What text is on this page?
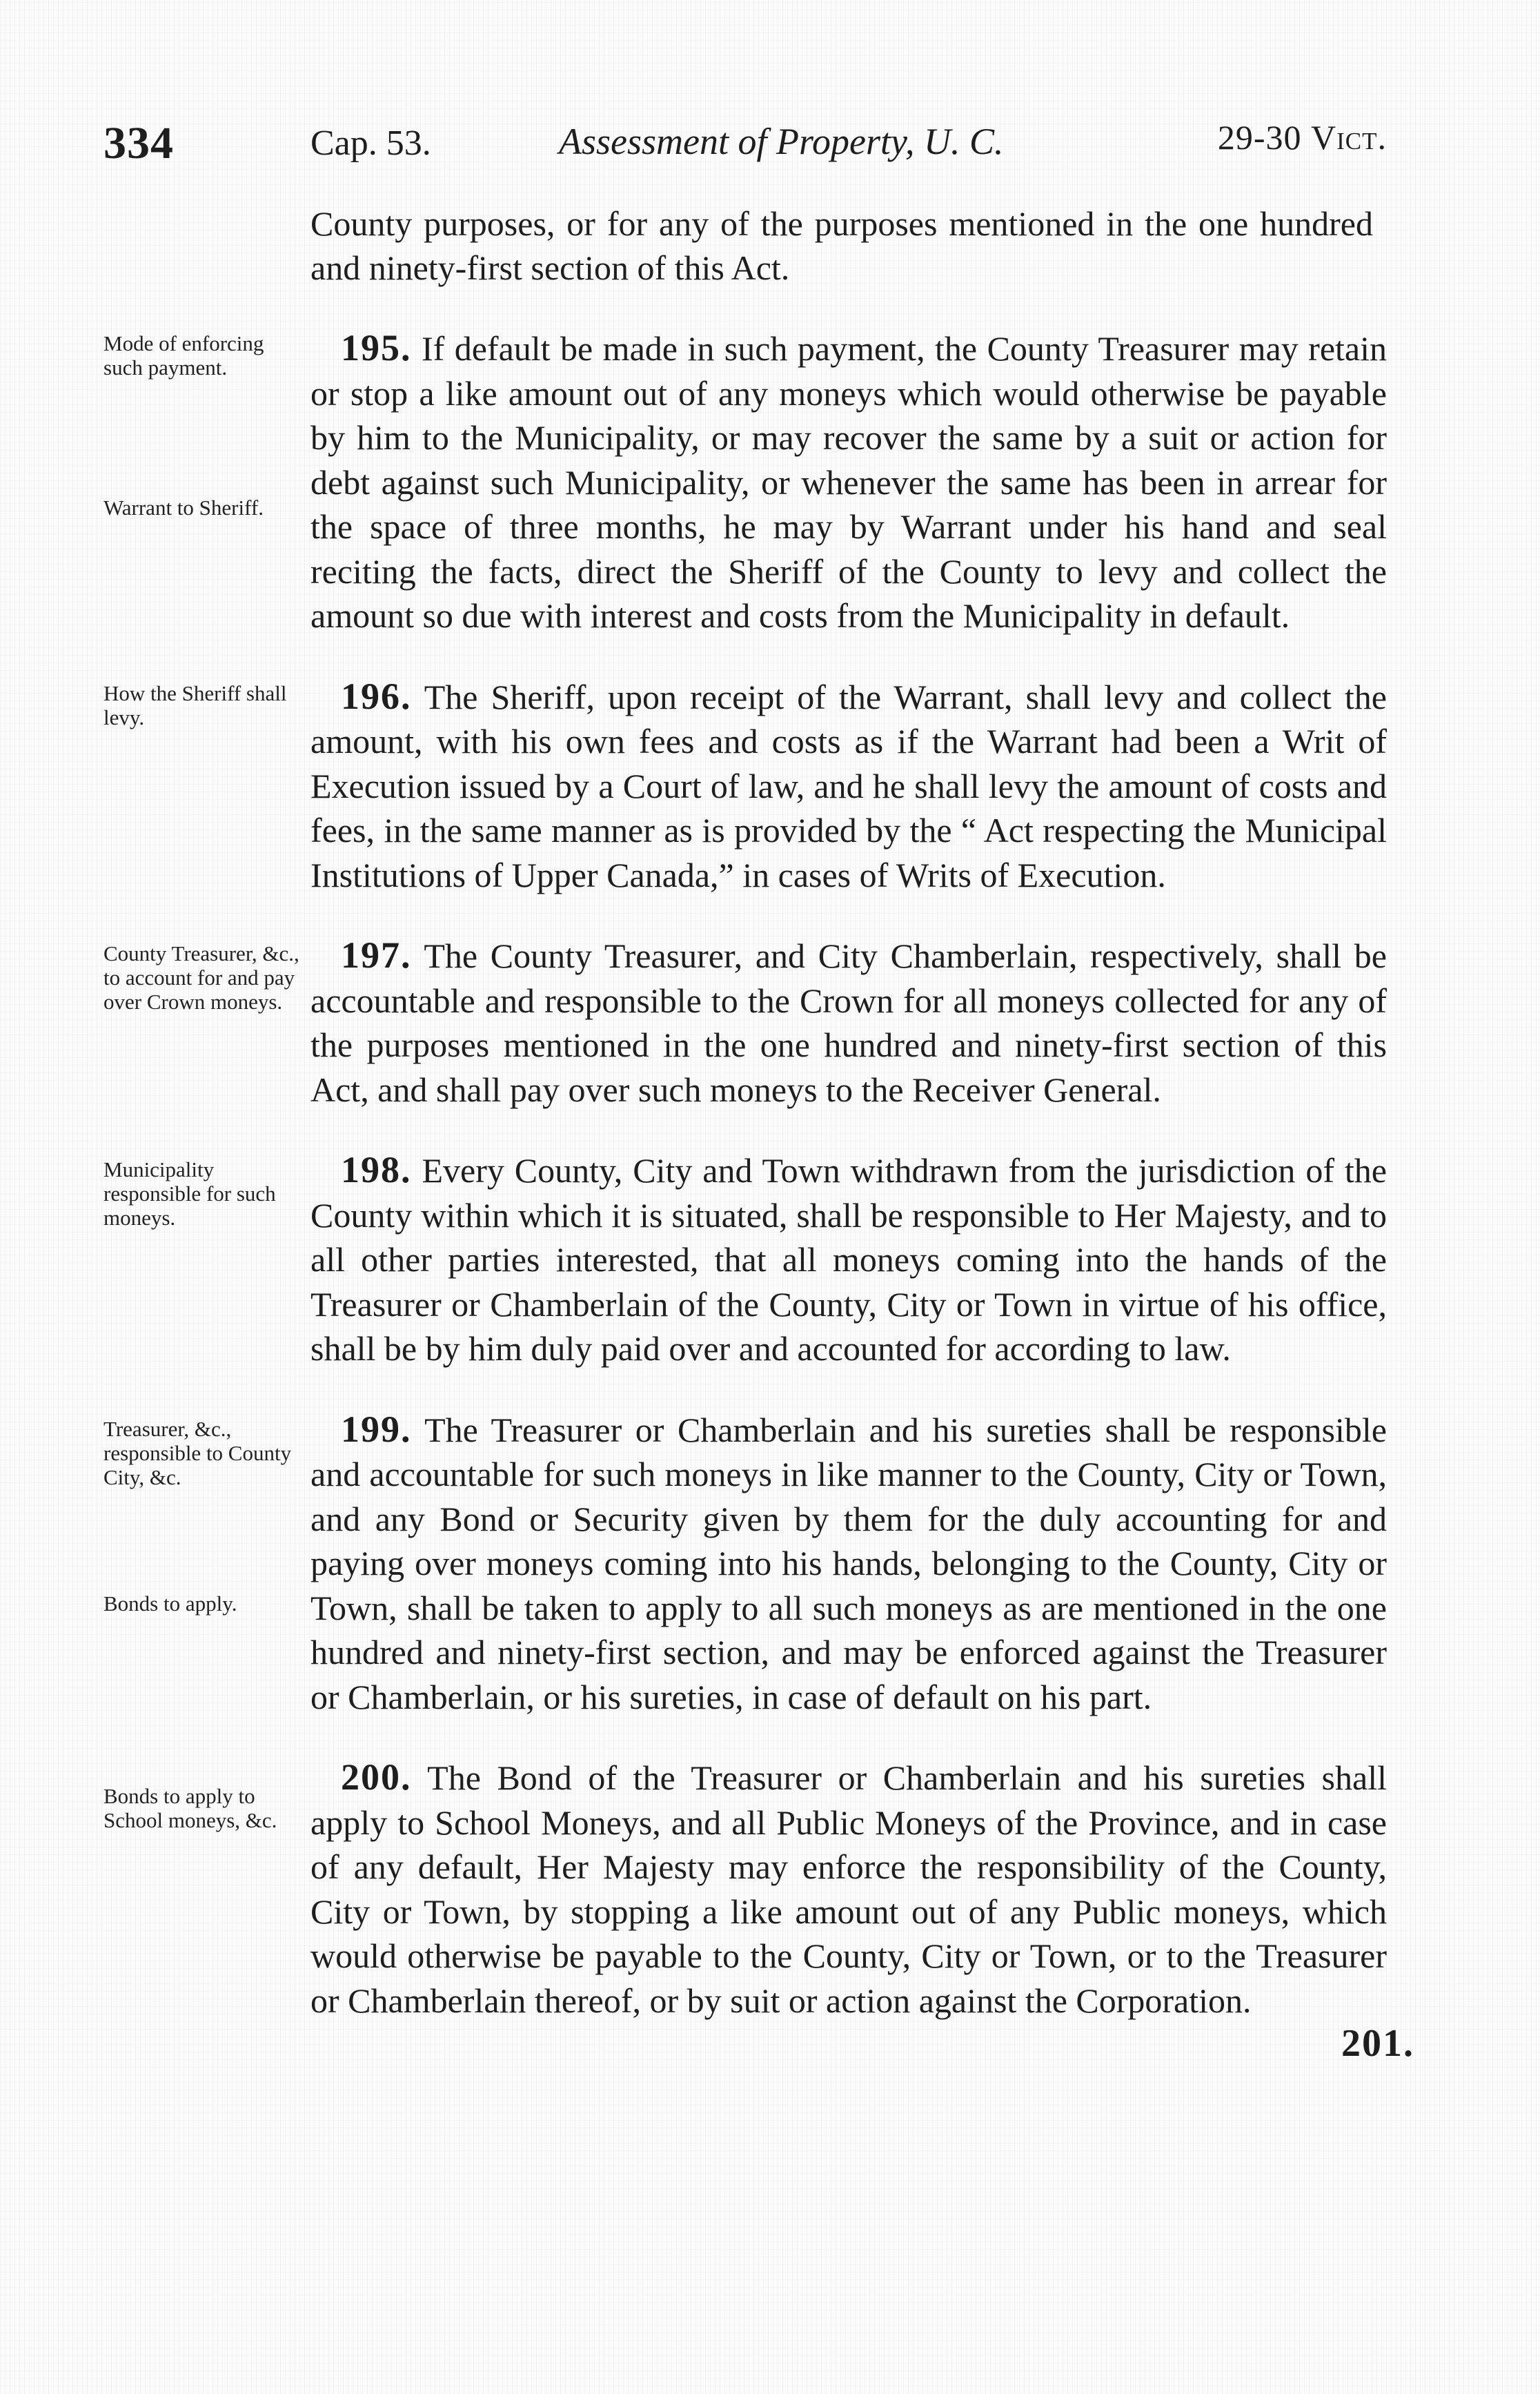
334	Cap. 53.	Assessment of Property, U. C.	29-30 Vict.
County purposes, or for any of the purposes mentioned in the one hundred and ninety-first section of this Act.
Mode of enforcing such payment.
Warrant to Sheriff.
195. If default be made in such payment, the County Treasurer may retain or stop a like amount out of any moneys which would otherwise be payable by him to the Municipality, or may recover the same by a suit or action for debt against such Municipality, or whenever the same has been in arrear for the space of three months, he may by Warrant under his hand and seal reciting the facts, direct the Sheriff of the County to levy and collect the amount so due with interest and costs from the Municipality in default.
How the Sheriff shall levy.
196. The Sheriff, upon receipt of the Warrant, shall levy and collect the amount, with his own fees and costs as if the Warrant had been a Writ of Execution issued by a Court of law, and he shall levy the amount of costs and fees, in the same manner as is provided by the “ Act respecting the Municipal Institutions of Upper Canada,” in cases of Writs of Execution.
County Treasurer, &c., to account for and pay over Crown moneys.
197. The County Treasurer, and City Chamberlain, respectively, shall be accountable and responsible to the Crown for all moneys collected for any of the purposes mentioned in the one hundred and ninety-first section of this Act, and shall pay over such moneys to the Receiver General.
Municipality responsible for such moneys.
198. Every County, City and Town withdrawn from the jurisdiction of the County within which it is situated, shall be responsible to Her Majesty, and to all other parties interested, that all moneys coming into the hands of the Treasurer or Chamberlain of the County, City or Town in virtue of his office, shall be by him duly paid over and accounted for according to law.
Treasurer, &c., responsible to County City, &c.
Bonds to apply.
199. The Treasurer or Chamberlain and his sureties shall be responsible and accountable for such moneys in like manner to the County, City or Town, and any Bond or Security given by them for the duly accounting for and paying over moneys coming into his hands, belonging to the County, City or Town, shall be taken to apply to all such moneys as are mentioned in the one hundred and ninety-first section, and may be enforced against the Treasurer or Chamberlain, or his sureties, in case of default on his part.
Bonds to apply to School moneys, &c.
200. The Bond of the Treasurer or Chamberlain and his sureties shall apply to School Moneys, and all Public Moneys of the Province, and in case of any default, Her Majesty may enforce the responsibility of the County, City or Town, by stopping a like amount out of any Public moneys, which would otherwise be payable to the County, City or Town, or to the Treasurer or Chamberlain thereof, or by suit or action against the Corporation.
201.
